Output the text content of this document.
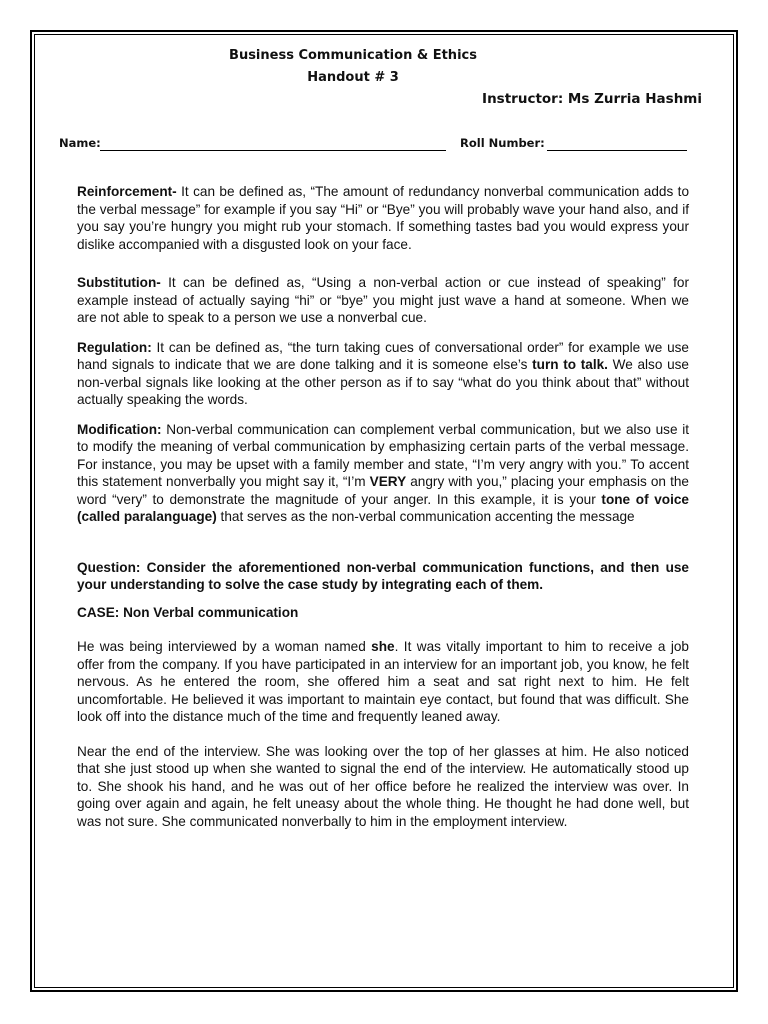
Business Communication & Ethics
Handout # 3
Instructor: Ms Zurria Hashmi
Name:	Roll Number:

Reinforcement- It can be defined as, “The amount of redundancy nonverbal communication adds to the verbal message” for example if you say “Hi” or “Bye” you will probably wave your hand also, and if you say you’re hungry you might rub your stomach. If something tastes bad you would express your dislike accompanied with a disgusted look on your face.

Substitution- It can be defined as, “Using a non-verbal action or cue instead of speaking” for example instead of actually saying “hi” or “bye” you might just wave a hand at someone. When we are not able to speak to a person we use a nonverbal cue.

Regulation: It can be defined as, “the turn taking cues of conversational order” for example we use hand signals to indicate that we are done talking and it is someone else’s turn to talk. We also use non-verbal signals like looking at the other person as if to say “what do you think about that” without actually speaking the words.

Modification: Non-verbal communication can complement verbal communication, but we also use it to modify the meaning of verbal communication by emphasizing certain parts of the verbal message. For instance, you may be upset with a family member and state, “I’m very angry with you.” To accent this statement nonverbally you might say it, “I’m VERY angry with you,” placing your emphasis on the word “very” to demonstrate the magnitude of your anger. In this example, it is your tone of voice (called paralanguage) that serves as the non-verbal communication accenting the message

Question: Consider the aforementioned non-verbal communication functions, and then use your understanding to solve the case study by integrating each of them.

CASE: Non Verbal communication

He was being interviewed by a woman named she. It was vitally important to him to receive a job offer from the company. If you have participated in an interview for an important job, you know, he felt nervous. As he entered the room, she offered him a seat and sat right next to him. He felt uncomfortable. He believed it was important to maintain eye contact, but found that was difficult. She look off into the distance much of the time and frequently leaned away.

Near the end of the interview. She was looking over the top of her glasses at him. He also noticed that she just stood up when she wanted to signal the end of the interview. He automatically stood up to. She shook his hand, and he was out of her office before he realized the interview was over. In going over again and again, he felt uneasy about the whole thing. He thought he had done well, but was not sure. She communicated nonverbally to him in the employment interview.
